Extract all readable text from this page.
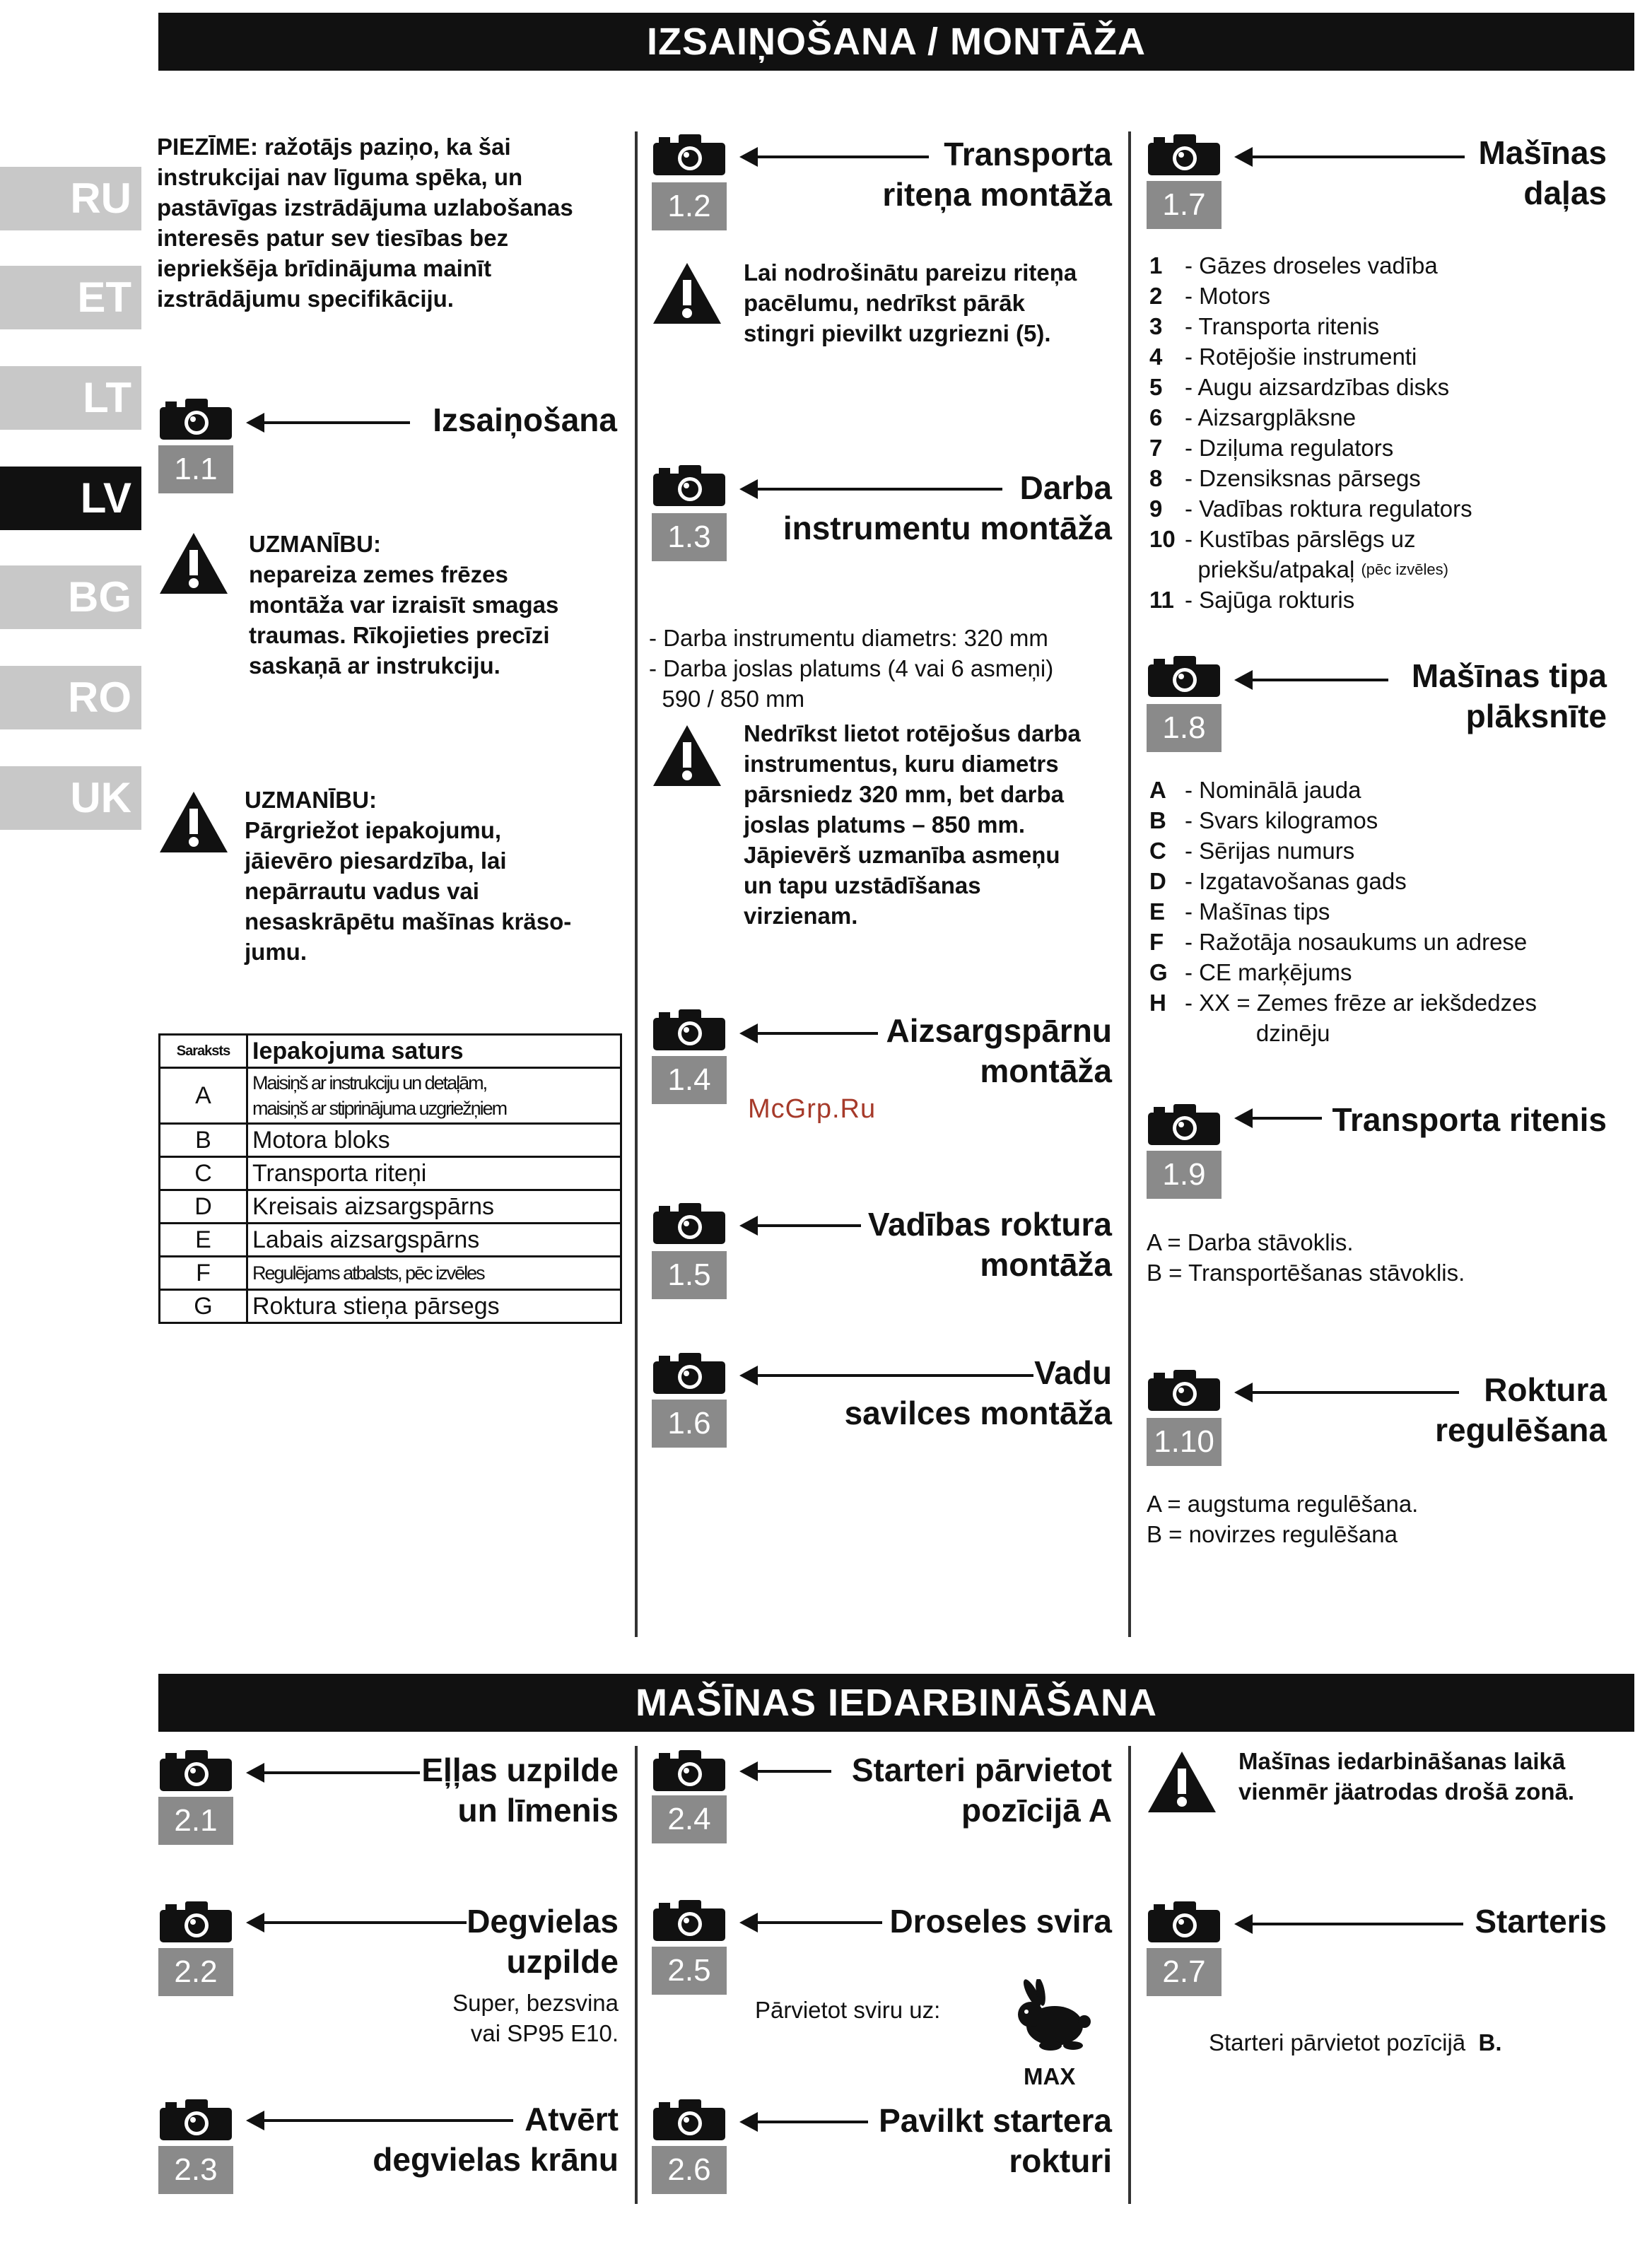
IZSAIŅOŠANA / MONTĀŽA
MAŠĪNAS IEDARBINĀŠANA
RU
ET
LT
LV
BG
RO
UK
PIEZĪME: ražotājs paziņo, ka šai
instrukcijai nav līguma spēka, un
pastāvīgas izstrādājuma uzlabošanas
interesēs patur sev tiesības bez
iepriekšēja brīdinājuma mainīt
izstrādājumu specifikāciju.
1.1
Izsaiņošana
UZMANĪBU:
nepareiza zemes frēzes
montāža var izraisīt smagas
traumas. Rīkojieties precīzi
saskaņā ar instrukciju.
UZMANĪBU:
Pārgriežot iepakojumu,
jāievēro piesardzība, lai
nepārrautu vadus vai
nesaskrāpētu mašīnas kräso-
jumu.
Saraksts	Iepakojuma saturs
A	Maisiņš ar instrukciju un detaļām,
maisiņš ar stiprinājuma uzgriežņiem

B	Motora bloks
C	Transporta riteņi
D	Kreisais aizsargspārns
E	Labais aizsargspārns
F	Regulējams atbalsts, pēc izvēles
G	Roktura stieņa pārsegs
1.2
Transporta
riteņa montāža
Lai nodrošinātu pareizu riteņa
pacēlumu, nedrīkst pārāk
stingri pievilkt uzgriezni (5).
1.3
Darba
instrumentu montāža

- Darba instrumentu diametrs: 320 mm
- Darba joslas platums (4 vai 6 asmeņi)
590 / 850 mm

Nedrīkst lietot rotējošus darba
instrumentus, kuru diametrs
pārsniedz 320 mm, bet darba
joslas platums – 850 mm.
Jāpievērš uzmanība asmeņu
un tapu uzstādīšanas
virzienam.
1.4
Aizsargspārnu
montāža
1.5
Vadības roktura
montāža
1.6
Vadu
savilces montāža
McGrp.Ru
1.7
Mašīnas
daļas
1 - Gāzes droseles vadība
2 - Motors
3 - Transporta ritenis
4 - Rotējošie instrumenti
5 - Augu aizsardzības disks
6 - Aizsargplāksne
7 - Dziļuma regulators
8 - Dzensiksnas pārsegs
9 - Vadības roktura regulators
10 - Kustības pārslēgs uz
priekšu/atpakaļ
(pēc izvēles)
11 - Sajūga rokturis
1.8
Mašīnas tipa
plāksnīte
A - Nominālā jauda
B - Svars kilogramos
C - Sērijas numurs
D - Izgatavošanas gads
E - Mašīnas tips
F - Ražotāja nosaukums un adrese
G - CE marķējums
H - XX = Zemes frēze ar iekšdedzes
dzinēju
1.9
Transporta ritenis
A = Darba stāvoklis.
B = Transportēšanas stāvoklis.
1.10
Roktura
regulēšana
A = augstuma regulēšana.
B = novirzes regulēšana
2.1
Eļļas uzpilde
un līmenis
2.2
Degvielas
uzpilde
Super, bezsvina
vai SP95 E10.
2.3
Atvērt
degvielas krānu
2.4
Starteri pārvietot
pozīcijā A
2.5
Droseles svira
Pārvietot sviru uz:
MAX
2.6
Pavilkt startera
rokturi
Mašīnas iedarbināšanas laikā
vienmēr jäatrodas drošā zonā.
2.7
Starteris
Starteri pārvietot pozīcijā B.
